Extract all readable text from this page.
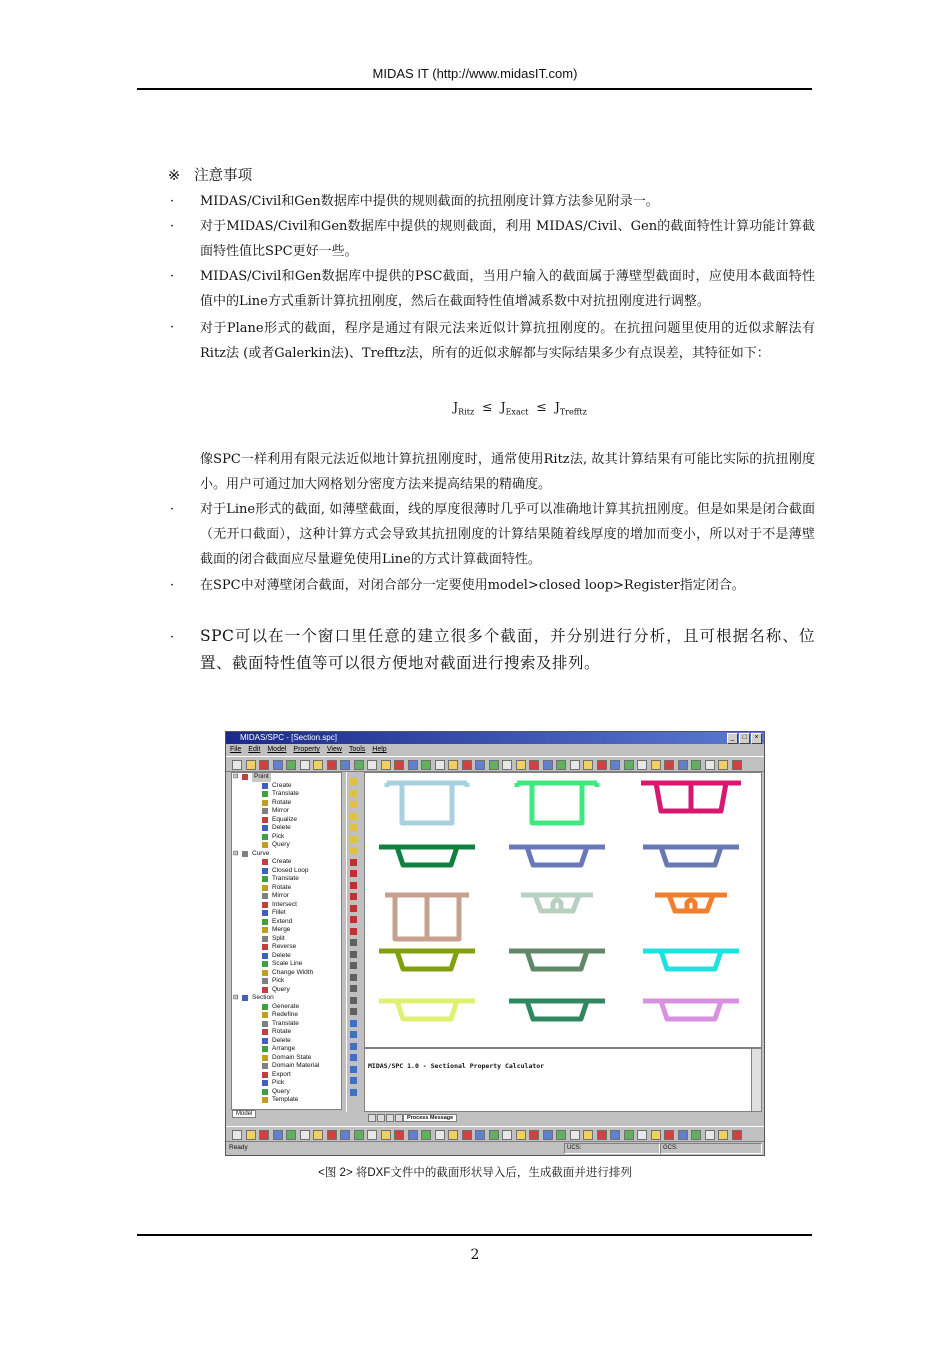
MIDAS IT (http://www.midasIT.com)
※ 注意事项
· MIDAS/Civil和Gen数据库中提供的规则截面的抗扭刚度计算方法参见附录一。
· 对于MIDAS/Civil和Gen数据库中提供的规则截面，利用 MIDAS/Civil、Gen的截面特性计算功能计算截面特性值比SPC更好一些。
· MIDAS/Civil和Gen数据库中提供的PSC截面，当用户输入的截面属于薄壁型截面时，应使用本截面特性值中的Line方式重新计算抗扭刚度，然后在截面特性值增减系数中对抗扭刚度进行调整。
· 对于Plane形式的截面，程序是通过有限元法来近似计算抗扭刚度的。在抗扭问题里使用的近似求解法有Ritz法 (或者Galerkin法)、Trefftz法，所有的近似求解都与实际结果多少有点误差，其特征如下：
$J_{Ritz} \le J_{Exact} \le J_{Trefftz}$
像SPC一样利用有限元法近似地计算抗扭刚度时，通常使用Ritz法, 故其计算结果有可能比实际的抗扭刚度小。用户可通过加大网格划分密度方法来提高结果的精确度。
· 对于Line形式的截面, 如薄壁截面，线的厚度很薄时几乎可以准确地计算其抗扭刚度。但是如果是闭合截面（无开口截面），这种计算方式会导致其抗扭刚度的计算结果随着线厚度的增加而变小，所以对于不是薄壁截面的闭合截面应尽量避免使用Line的方式计算截面特性。
· 在SPC中对薄壁闭合截面，对闭合部分一定要使用model>closed loop>Register指定闭合。
· SPC可以在一个窗口里任意的建立很多个截面，并分别进行分析，且可根据名称、位置、截面特性值等可以很方便地对截面进行搜索及排列。
MIDAS/SPC - [Section.spc]	_	□	×
File Edit Model Property View Tools Help
⊟	Point
Create
Translate
Rotate
Mirror
Equalize
Delete
Pick
Query
⊟ Curve
Create
Closed Loop
Translate
Rotate
Mirror
Intersect
Fillet
Extend
Merge
Split
Reverse
Delete
Scale Line
Change Width
Pick
Query
⊟ Section
Generate
Redefine
Translate
Rotate
Delete
Arrange
Domain State
Domain Material
Export
Pick
Query
Template
Model
MIDAS/SPC 1.0 - Sectional Property Calculator
Process Message
Ready	UCS:	GCS:
<图 2> 将DXF文件中的截面形状导入后，生成截面并进行排列
2
